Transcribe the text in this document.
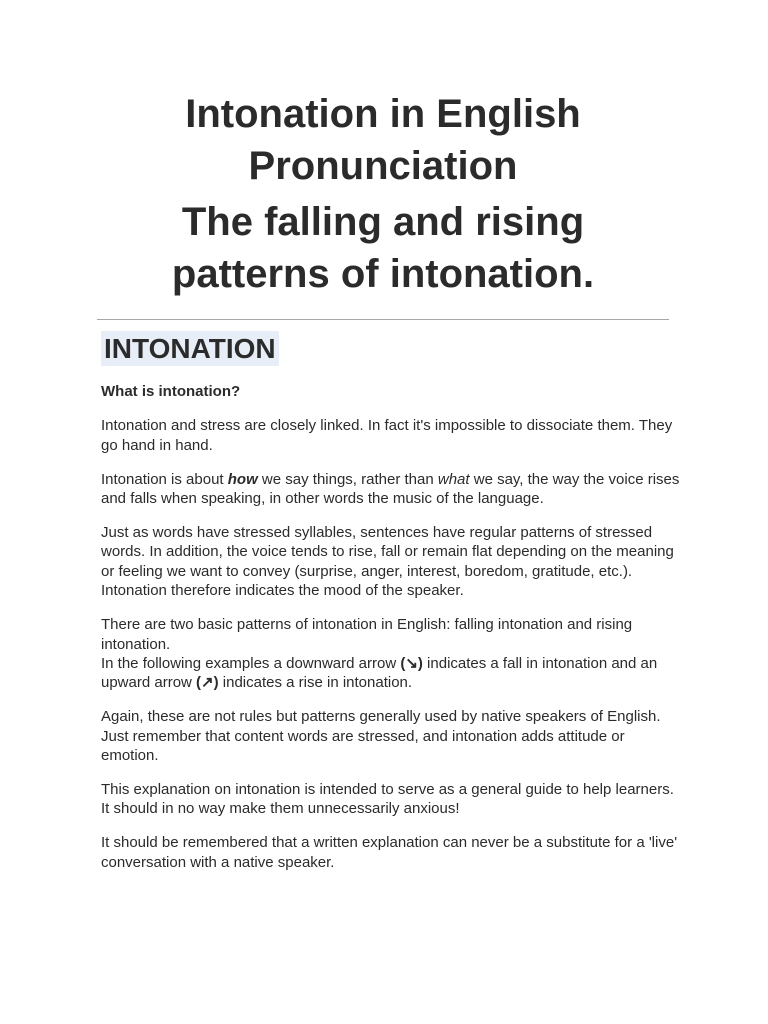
Intonation in English
Pronunciation
The falling and rising
patterns of intonation.
INTONATION

What is intonation?

Intonation and stress are closely linked. In fact it's impossible to dissociate them. They go hand in hand.

Intonation is about how we say things, rather than what we say, the way the voice rises and falls when speaking, in other words the music of the language.

Just as words have stressed syllables, sentences have regular patterns of stressed words. In addition, the voice tends to rise, fall or remain flat depending on the meaning or feeling we want to convey (surprise, anger, interest, boredom, gratitude, etc.). Intonation therefore indicates the mood of the speaker.

There are two basic patterns of intonation in English: falling intonation and rising intonation.
In the following examples a downward arrow (↘) indicates a fall in intonation and an upward arrow (↗) indicates a rise in intonation.

Again, these are not rules but patterns generally used by native speakers of English.
Just remember that content words are stressed, and intonation adds attitude or emotion.

This explanation on intonation is intended to serve as a general guide to help learners.
It should in no way make them unnecessarily anxious!

It should be remembered that a written explanation can never be a substitute for a 'live' conversation with a native speaker.
